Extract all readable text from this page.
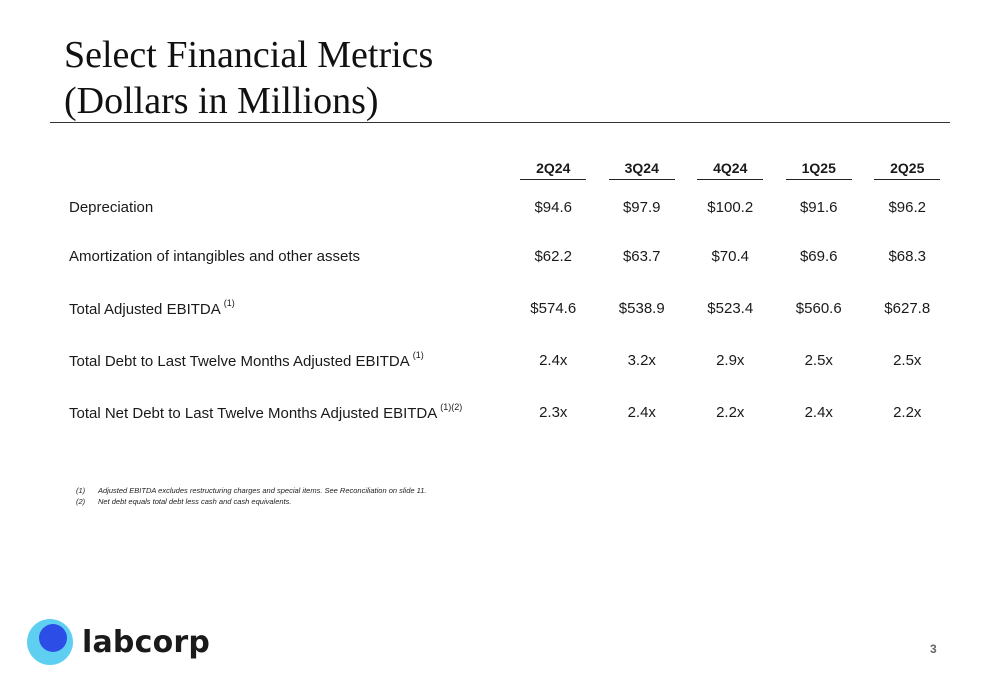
Select Financial Metrics
(Dollars in Millions)
	2Q24	3Q24	4Q24	1Q25	2Q25
Depreciation	$94.6	$97.9	$100.2	$91.6	$96.2
Amortization of intangibles and other assets	$62.2	$63.7	$70.4	$69.6	$68.3
Total Adjusted EBITDA $^{(1)}$	$574.6	$538.9	$523.4	$560.6	$627.8
Total Debt to Last Twelve Months Adjusted EBITDA $^{(1)}$	2.4x	3.2x	2.9x	2.5x	2.5x
Total Net Debt to Last Twelve Months Adjusted EBITDA $^{(1)(2)}$	2.3x	2.4x	2.2x	2.4x	2.2x
(1)	Adjusted EBITDA excludes restructuring charges and special items. See Reconciliation on slide 11.
(2)	Net debt equals total debt less cash and cash equivalents.
labcorp	3
